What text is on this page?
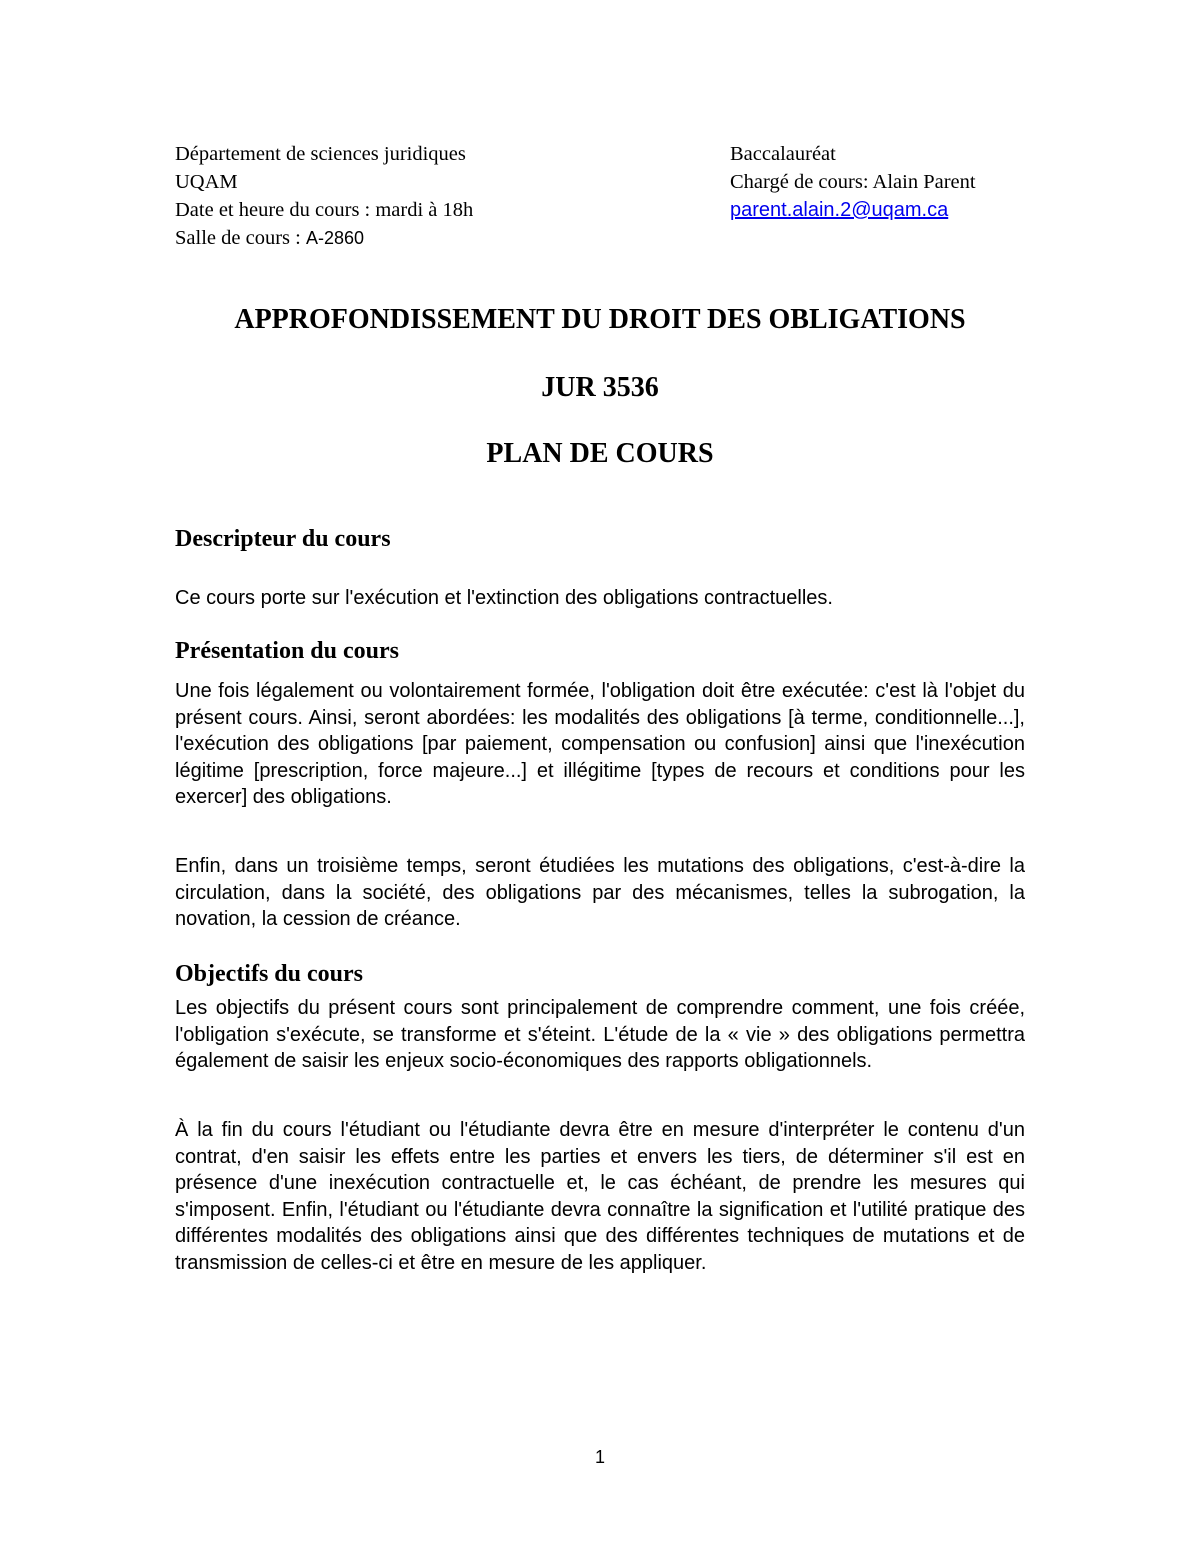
Département de sciences juridiques
UQAM
Date et heure du cours : mardi à 18h
Salle de cours : A-2860
Baccalauréat
Chargé de cours: Alain Parent
parent.alain.2@uqam.ca
APPROFONDISSEMENT DU DROIT DES OBLIGATIONS
JUR 3536
PLAN DE COURS
Descripteur du cours

Ce cours porte sur l'exécution et l'extinction des obligations contractuelles.

Présentation du cours

Une fois légalement ou volontairement formée, l'obligation doit être exécutée: c'est là l'objet du présent cours. Ainsi, seront abordées: les modalités des obligations [à terme, conditionnelle...], l'exécution des obligations [par paiement, compensation ou confusion] ainsi que l'inexécution légitime [prescription, force majeure...] et illégitime [types de recours et conditions pour les exercer] des obligations.

Enfin, dans un troisième temps, seront étudiées les mutations des obligations, c'est-à-dire la circulation, dans la société, des obligations par des mécanismes, telles la subrogation, la novation, la cession de créance.

Objectifs du cours

Les objectifs du présent cours sont principalement de comprendre comment, une fois créée, l'obligation s'exécute, se transforme et s'éteint. L'étude de la « vie » des obligations permettra également de saisir les enjeux socio-économiques des rapports obligationnels.

À la fin du cours l'étudiant ou l'étudiante devra être en mesure d'interpréter le contenu d'un contrat, d'en saisir les effets entre les parties et envers les tiers, de déterminer s'il est en présence d'une inexécution contractuelle et, le cas échéant, de prendre les mesures qui s'imposent. Enfin, l'étudiant ou l'étudiante devra connaître la signification et l'utilité pratique des différentes modalités des obligations ainsi que des différentes techniques de mutations et de transmission de celles-ci et être en mesure de les appliquer.

1
